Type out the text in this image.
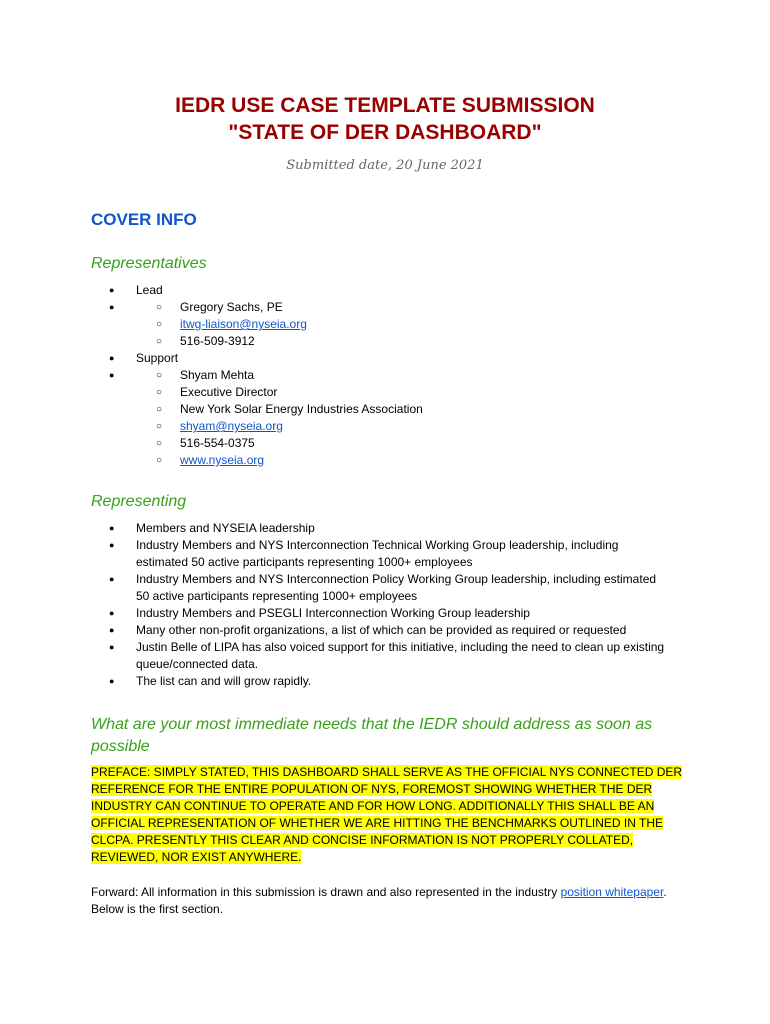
IEDR USE CASE TEMPLATE SUBMISSION
"STATE OF DER DASHBOARD"
Submitted date, 20 June 2021
COVER INFO
Representatives
● Lead
○ ● Gregory Sachs, PE
○ itwg-liaison@nyseia.org
○ 516-509-3912
● Support
○ ● Shyam Mehta
○ Executive Director
○ New York Solar Energy Industries Association
○ shyam@nyseia.org
○ 516-554-0375
○ www.nyseia.org
Representing
● Members and NYSEIA leadership
● Industry Members and NYS Interconnection Technical Working Group leadership, including estimated 50 active participants representing 1000+ employees
● Industry Members and NYS Interconnection Policy Working Group leadership, including estimated 50 active participants representing 1000+ employees
● Industry Members and PSEGLI Interconnection Working Group leadership
● Many other non-profit organizations, a list of which can be provided as required or requested
● Justin Belle of LIPA has also voiced support for this initiative, including the need to clean up existing queue/connected data.
● The list can and will grow rapidly.
What are your most immediate needs that the IEDR should address as soon as possible
PREFACE: SIMPLY STATED, THIS DASHBOARD SHALL SERVE AS THE OFFICIAL NYS CONNECTED DER REFERENCE FOR THE ENTIRE POPULATION OF NYS, FOREMOST SHOWING WHETHER THE DER INDUSTRY CAN CONTINUE TO OPERATE AND FOR HOW LONG. ADDITIONALLY THIS SHALL BE AN OFFICIAL REPRESENTATION OF WHETHER WE ARE HITTING THE BENCHMARKS OUTLINED IN THE CLCPA. PRESENTLY THIS CLEAR AND CONCISE INFORMATION IS NOT PROPERLY COLLATED, REVIEWED, NOR EXIST ANYWHERE.
Forward: All information in this submission is drawn and also represented in the industry position whitepaper. Below is the first section.
